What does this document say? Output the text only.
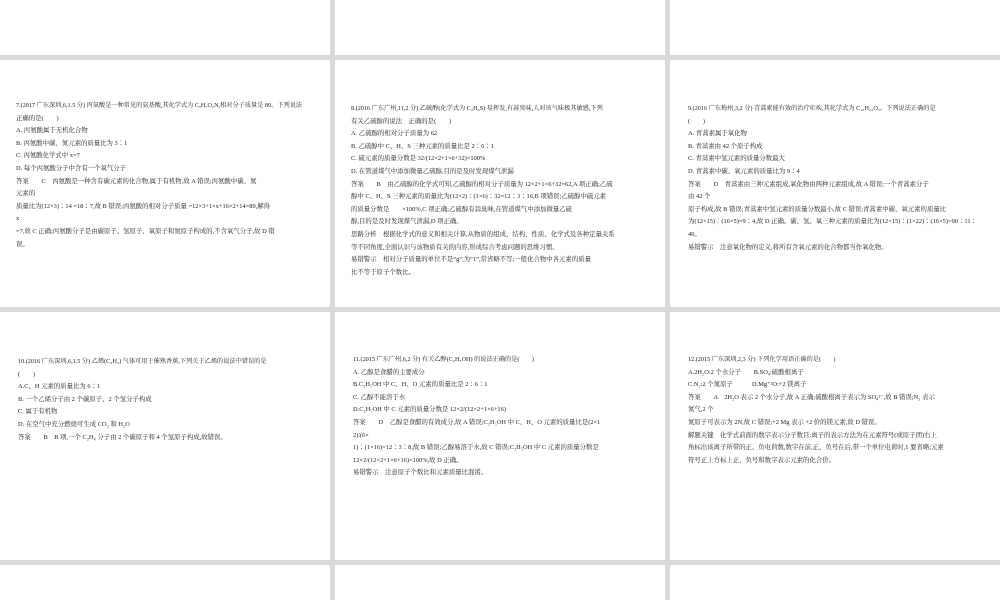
7.(2017 广东深圳,6,1.5 分) 丙氨酸是一种常见的氨基酸,其化学式为 CₓH₇O₂N,相对分子质量是 89。下列说法
正确的是(　　)
A. 丙氨酸属于无机化合物
B. 丙氨酸中碳、氮元素的质量比为 3∶1
C. 丙氨酸化学式中 x=7
D. 每个丙氨酸分子中含有一个氧气分子
答案　　C　丙氨酸是一种含有碳元素的化合物,属于有机物,故 A 错误;丙氨酸中碳、氮
元素的
质量比为(12×3)∶14 =18∶7,故 B 错误;丙氨酸的相对分子质量 =12×3+1×x+16×2+14=89,解得
x
=7,故 C 正确;丙氨酸分子是由碳原子、氢原子、氧原子和氮原子构成的,不含氧气分子,故 D 错
误。
8.(2016 广东广州,11,2 分) 乙硫醇(化学式为 C₂H₆S) 易挥发,有蒜臭味,人对该气味极其敏感,下列
有关乙硫醇的说法　正确的是(　　)
A. 乙硫醇的相对分子质量为 62
B. 乙硫醇中 C、H、S 三种元素的质量比是 2∶6∶1
C. 硫元素的质量分数是 32/(12×2+1×6+32)×100%
D. 在管道煤气中添加微量乙硫醇,目的是及时发现煤气泄漏
答案　　B　由乙硫醇的化学式可知,乙硫醇的相对分子质量为 12×2+1×6+32=62,A 项正确;乙硫
醇中 C、H、S 三种元素的质量比为(12×2)∶(1×6)∶32=12∶3∶16,B 项错误;乙硫醇中硫元素
的质量分数是　　×100%,C 项正确;乙硫醇有蒜臭味,在管道煤气中添加微量乙硫
醇,目的是及时发现煤气泄漏,D 项正确。
思路分析　根据化学式的意义和相关计算,从物质的组成、结构、性质、化学式及各种定量关系
等不同角度,全面认识与该物质有关的内容,形成综合考虑问题的思维习惯。
易错警示　相对分子质量的单位不是“g”,为“1”,常省略不写;一般化合物中各元素的质量
比不等于原子个数比。
9.(2016 广东梅州,3,2 分) 青蒿素能有效的治疗疟疾,其化学式为 C₁₅H₂₂O₅。下列说法正确的是
(　　)
A. 青蒿素属于氧化物
B. 青蒿素由 42 个原子构成
C. 青蒿素中氢元素的质量分数最大
D. 青蒿素中碳、氧元素的质量比为 9∶4
答案　　D　青蒿素由三种元素组成,氧化物由两种元素组成,故 A 错误;一个青蒿素分子
由 42 个
原子构成,故 B 错误;青蒿素中氢元素的质量分数最小,故 C 错误;青蒿素中碳、氧元素的质量比
为(12×15)∶(16×5)=9∶4,故 D 正确。碳、氢、氧三种元素的质量比为(12×15)∶(1×22)∶(16×5)=90∶11∶
40。
易错警示　注意氧化物的定义,将所有含氧元素的化合物都当作氧化物。
10.(2016 广东深圳,6,1.5 分) 乙烯(C₂H₄) 气体可用于催熟香蕉,下列关于乙烯的说法中错误的是
(　　)
A.C、H 元素的质量比为 6∶1
B. 一个乙烯分子由 2 个碳原子、2 个氢分子构成
C. 属于有机物
D. 在空气中充分燃烧可生成 CO₂ 和 H₂O
答案　　B　B 项,一个 C₂H₄ 分子由 2 个碳原子和 4 个氢原子构成,故错误。
11.(2015 广东广州,6,2 分) 有关乙醇(C₂H₅OH) 的说法正确的是(　　)
A. 乙醇是食醋的主要成分
B.C₂H₅OH 中 C、H、O 元素的质量比是 2∶6∶1
C. 乙醇不能溶于水
D.C₂H₅OH 中 C 元素的质量分数是 12×2/(12×2+1×6+16)
答案　　D　乙醇是食醋的有效成分,故 A 错误;C₂H₅OH 中 C、H、O 元素的质量比是(2×1
2)∶(6×
1)∶(1×16)=12∶3∶8,故 B 错误;乙醇易溶于水,故 C 错误;C₂H₅OH 中 C 元素的质量分数是
12×2/(12×2+1×6+16)×100%,故 D 正确。
易错警示　注意原子个数比和元素质量比混淆。
12.(2015 广东深圳,2,3 分) 下列化学用语正确的是(　　)
A.2H₂O:2 个水分子　　B.SO₄:硫酸根离子
C.N₂:2 个氮原子　　　D.Mg⁺²O:+2 镁离子
答案　　A　2H₂O 表示 2 个水分子,故 A 正确;硫酸根离子表示为 SO₄²⁻,故 B 错误;N₂ 表示
氮气,2 个
氮原子可表示为 2N,故 C 错误;+2 Mg 表示 +2 价的镁元素,故 D 错误。
解题关键　化学式前面的数字表示分子数目;离子的表示方法为在元素符号(或原子团)右上
角标出该离子所带的正、负电荷数,数字在前,正、负号在后,带一个单位电荷时,1 要省略;元素
符号正上方标上正、负号和数字表示元素的化合价。
